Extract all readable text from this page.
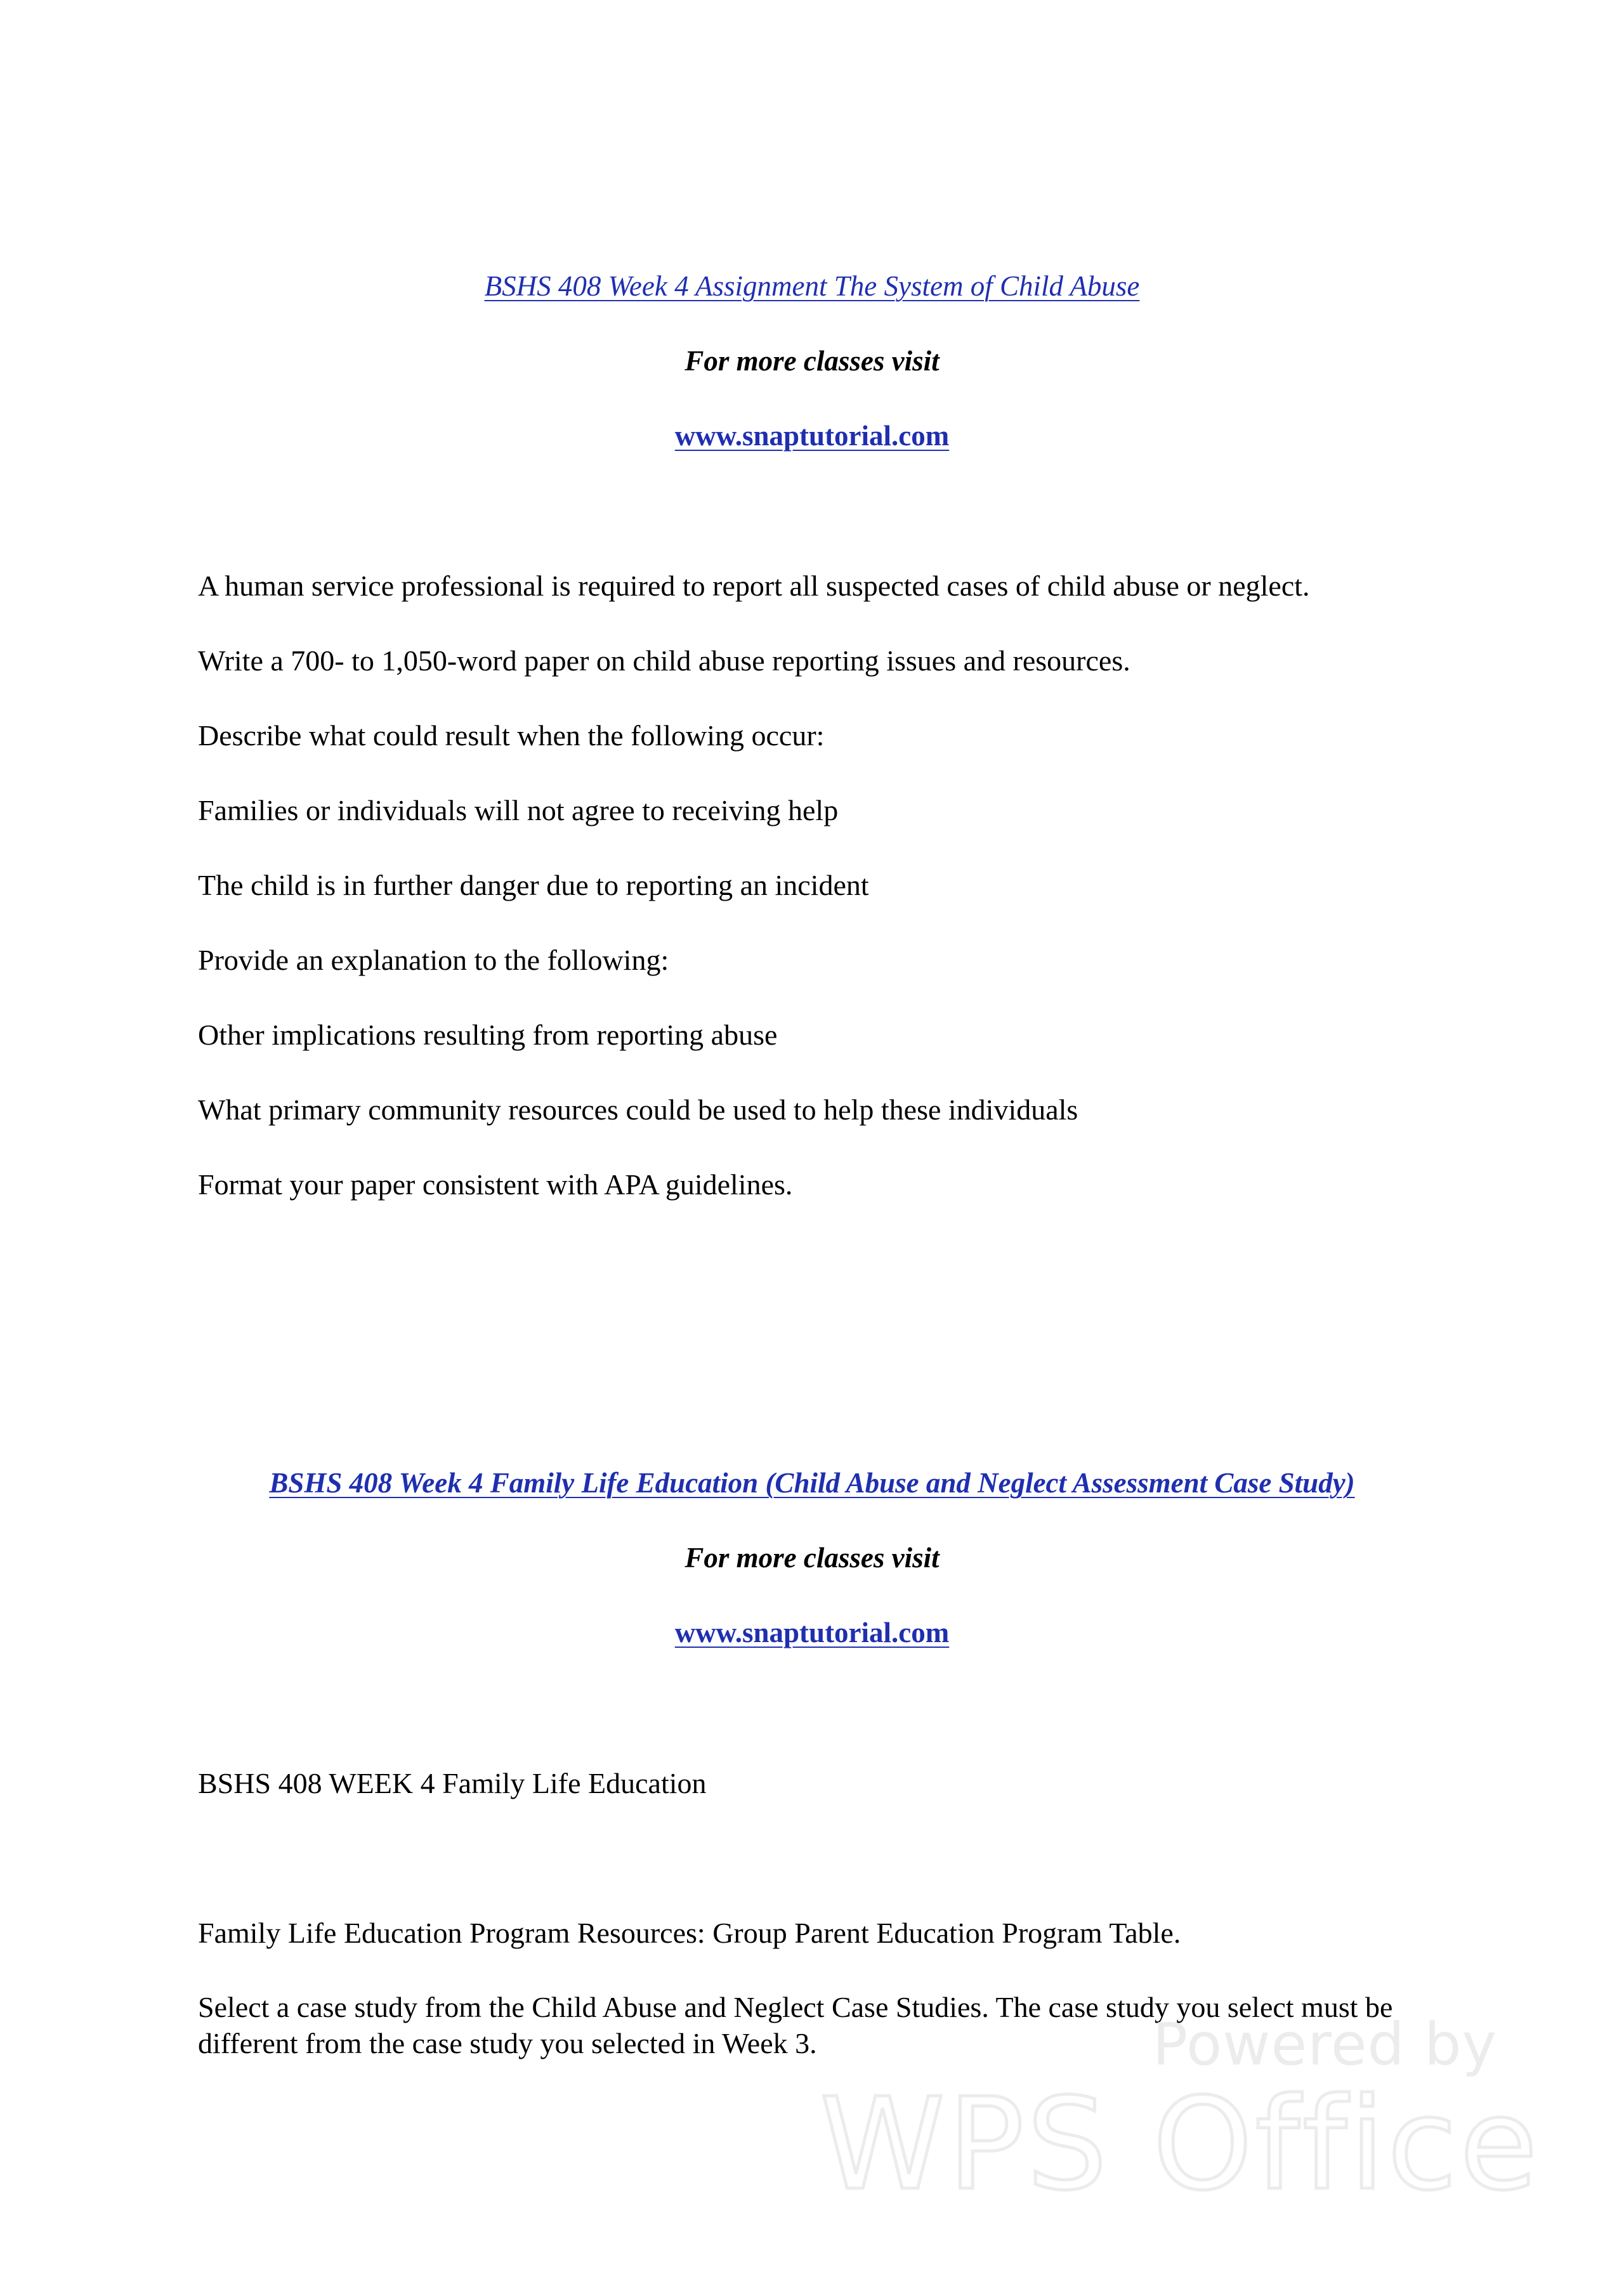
BSHS 408 Week 4 Assignment The System of Child Abuse
For more classes visit
www.snaptutorial.com
A human service professional is required to report all suspected cases of child abuse or neglect.
Write a 700- to 1,050-word paper on child abuse reporting issues and resources.
Describe what could result when the following occur:
Families or individuals will not agree to receiving help
The child is in further danger due to reporting an incident
Provide an explanation to the following:
Other implications resulting from reporting abuse
What primary community resources could be used to help these individuals
Format your paper consistent with APA guidelines.
BSHS 408 Week 4 Family Life Education (Child Abuse and Neglect Assessment Case Study)
For more classes visit
www.snaptutorial.com
BSHS 408 WEEK 4 Family Life Education
Family Life Education Program Resources: Group Parent Education Program Table.
Select a case study from the Child Abuse and Neglect Case Studies. The case study you select must be different from the case study you selected in Week 3.	Powered by
WPS Office
